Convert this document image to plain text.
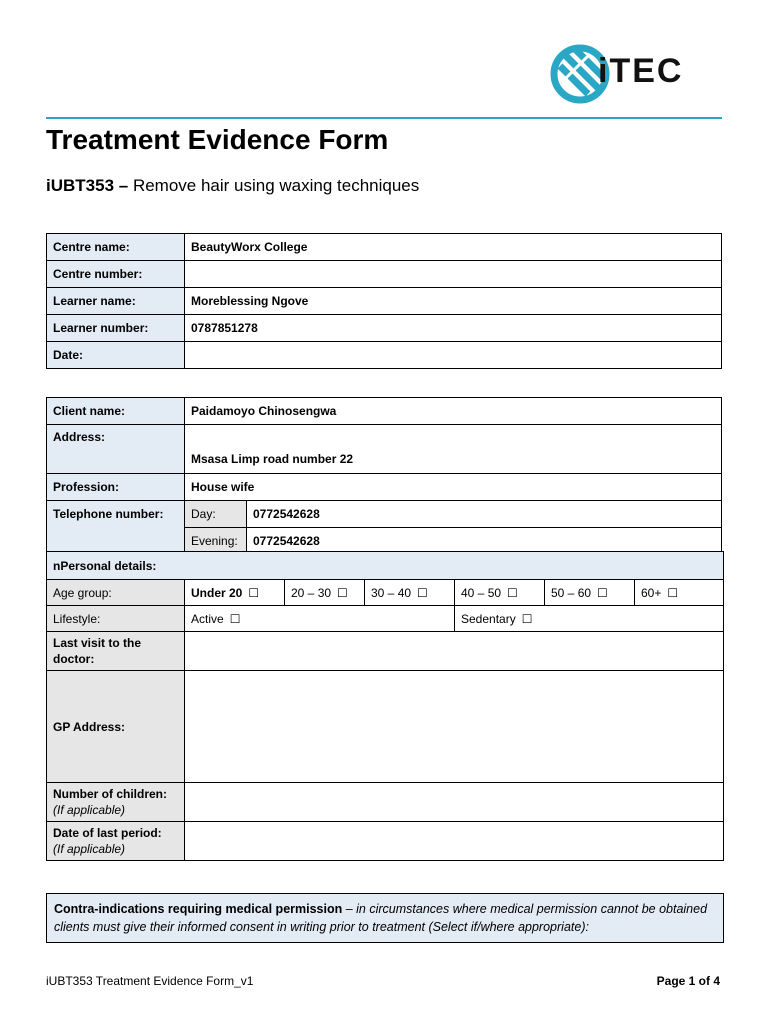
iTEC
Treatment Evidence Form
iUBT353 – Remove hair using waxing techniques
Centre name:	BeautyWorx College
Centre number:	
Learner name:	Moreblessing Ngove
Learner number:	0787851278
Date:	
Client name:	Paidamoyo Chinosengwa	
Address:	Msasa Limp road number 22	
Profession:	House wife	
Telephone number:	Day:	0772542628
	Evening:	0772542628
nPersonal details:						
Age group:	Under 20 ☐	20 – 30 ☐	30 – 40 ☐	40 – 50 ☐	50 – 60 ☐	60+ ☐
Lifestyle:	Active ☐			Sedentary ☐		
Last visit to the doctor:						
GP Address:						
Number of children:
(If applicable)						
Date of last period:
(If applicable)						
Contra-indications requiring medical permission – in circumstances where medical permission cannot be obtained clients must give their informed consent in writing prior to treatment (Select if/where appropriate):
iUBT353 Treatment Evidence Form_v1	Page 1 of 4
